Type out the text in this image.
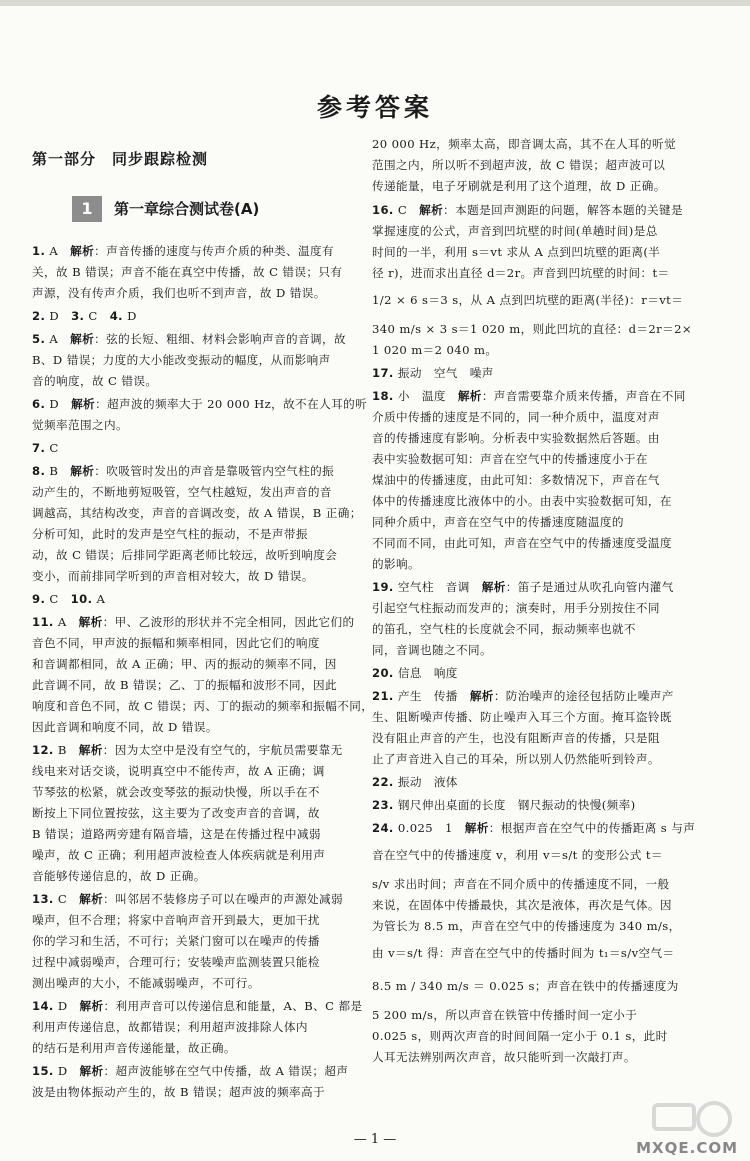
参考答案
第一部分　同步跟踪检测
1	第一章综合测试卷(A)
1. A　解析：声音传播的速度与传声介质的种类、温度有
关，故 B 错误；声音不能在真空中传播，故 C 错误；只有
声源，没有传声介质，我们也听不到声音，故 D 错误。
2. D　3. C　4. D
5. A　解析：弦的长短、粗细、材料会影响声音的音调，故
B、D 错误；力度的大小能改变振动的幅度，从而影响声
音的响度，故 C 错误。
6. D　解析：超声波的频率大于 20 000 Hz，故不在人耳的听
觉频率范围之内。
7. C
8. B　解析：吹吸管时发出的声音是靠吸管内空气柱的振
动产生的，不断地剪短吸管，空气柱越短，发出声音的音
调越高，其结构改变，声音的音调改变，故 A 错误，B 正确；
分析可知，此时的发声是空气柱的振动，不是声带振
动，故 C 错误；后排同学距离老师比较远，故听到响度会
变小，而前排同学听到的声音相对较大，故 D 错误。
9. C　10. A
11. A　解析：甲、乙波形的形状并不完全相同，因此它们的
音色不同，甲声波的振幅和频率相同，因此它们的响度
和音调都相同，故 A 正确；甲、丙的振动的频率不同，因
此音调不同，故 B 错误；乙、丁的振幅和波形不同，因此
响度和音色不同，故 C 错误；丙、丁的振动的频率和振幅不同，
因此音调和响度不同，故 D 错误。
12. B　解析：因为太空中是没有空气的，宇航员需要靠无
线电来对话交谈，说明真空中不能传声，故 A 正确；调
节琴弦的松紧，就会改变琴弦的振动快慢，所以手在不
断按上下同位置按弦，这主要为了改变声音的音调，故
B 错误；道路两旁建有隔音墙，这是在传播过程中减弱
噪声，故 C 正确；利用超声波检查人体疾病就是利用声
音能够传递信息的，故 D 正确。
13. C　解析：叫邻居不装修房子可以在噪声的声源处减弱
噪声，但不合理；将家中音响声音开到最大，更加干扰
你的学习和生活，不可行；关紧门窗可以在噪声的传播
过程中减弱噪声，合理可行；安装噪声监测装置只能检
测出噪声的大小，不能减弱噪声，不可行。
14. D　解析：利用声音可以传递信息和能量，A、B、C 都是
利用声传递信息，故都错误；利用超声波排除人体内
的结石是利用声音传递能量，故正确。
15. D　解析：超声波能够在空气中传播，故 A 错误；超声
波是由物体振动产生的，故 B 错误；超声波的频率高于
20 000 Hz，频率太高，即音调太高，其不在人耳的听觉
范围之内，所以听不到超声波，故 C 错误；超声波可以
传递能量，电子牙刷就是利用了这个道理，故 D 正确。
16. C　解析：本题是回声测距的问题，解答本题的关键是
掌握速度的公式，声音到凹坑壁的时间(单趟时间)是总
时间的一半，利用 s＝vt 求从 A 点到凹坑壁的距离(半
径 r)，进而求出直径 d＝2r。声音到凹坑壁的时间：t＝
1/2 × 6 s＝3 s，从 A 点到凹坑壁的距离(半径)：r＝vt＝
340 m/s × 3 s＝1 020 m，则此凹坑的直径：d＝2r＝2×
1 020 m＝2 040 m。
17. 振动　空气　噪声
18. 小　温度　解析：声音需要靠介质来传播，声音在不同
介质中传播的速度是不同的，同一种介质中，温度对声
音的传播速度有影响。分析表中实验数据然后答题。由
表中实验数据可知：声音在空气中的传播速度小于在
煤油中的传播速度，由此可知：多数情况下，声音在气
体中的传播速度比液体中的小。由表中实验数据可知，在
同种介质中，声音在空气中的传播速度随温度的
不同而不同，由此可知，声音在空气中的传播速度受温度
的影响。
19. 空气柱　音调　解析：笛子是通过从吹孔向管内灌气
引起空气柱振动而发声的；演奏时，用手分别按住不同
的笛孔，空气柱的长度就会不同，振动频率也就不
同，音调也随之不同。
20. 信息　响度
21. 产生　传播　解析：防治噪声的途径包括防止噪声产
生、阻断噪声传播、防止噪声入耳三个方面。掩耳盗铃既
没有阻止声音的产生，也没有阻断声音的传播，只是阻
止了声音进入自己的耳朵，所以别人仍然能听到铃声。
22. 振动　液体
23. 钢尺伸出桌面的长度　钢尺振动的快慢(频率)
24. 0.025　1　解析：根据声音在空气中的传播距离 s 与声
音在空气中的传播速度 v，利用 v＝s/t 的变形公式 t＝
s/v 求出时间；声音在不同介质中的传播速度不同，一般
来说，在固体中传播最快，其次是液体，再次是气体。因
为管长为 8.5 m，声音在空气中的传播速度为 340 m/s，
由 v＝s/t 得：声音在空气中的传播时间为 t₁＝s/v空气＝
8.5 m / 340 m/s ＝ 0.025 s；声音在铁中的传播速度为
5 200 m/s，所以声音在铁管中传播时间一定小于
0.025 s，则两次声音的时间间隔一定小于 0.1 s，此时
人耳无法辨别两次声音，故只能听到一次敲打声。
— 1 —	MXQE.COM
